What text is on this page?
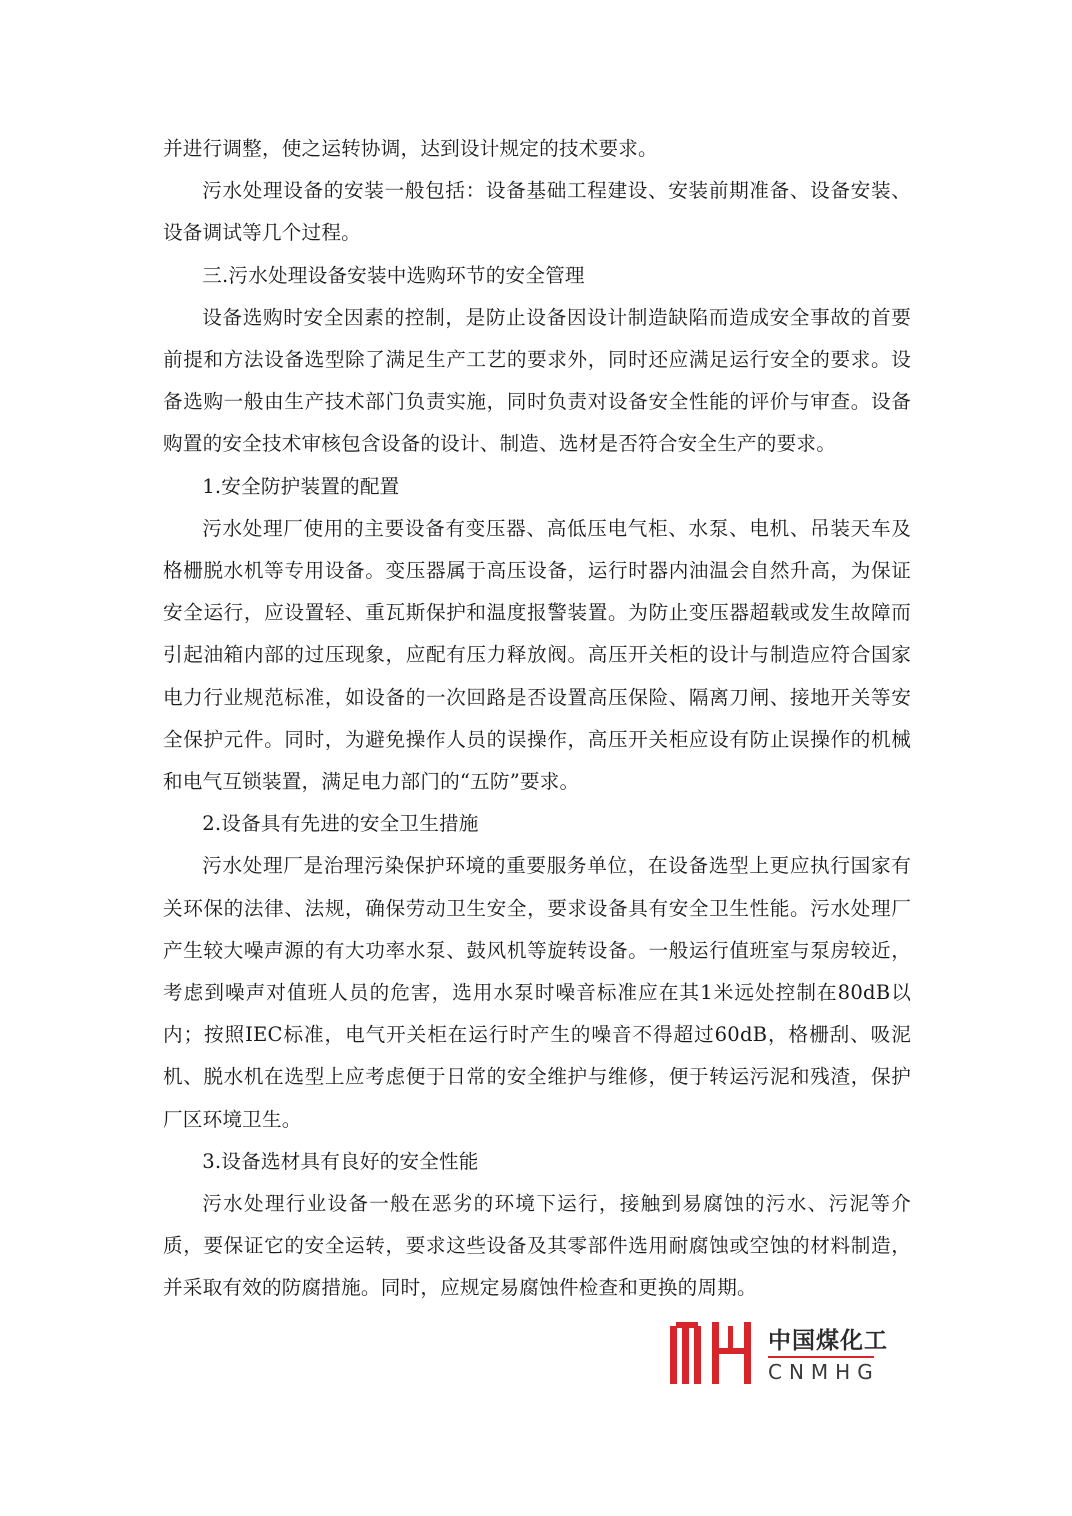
并进行调整，使之运转协调，达到设计规定的技术要求。

污水处理设备的安装一般包括：设备基础工程建设、安装前期准备、设备安装、设备调试等几个过程。

三.污水处理设备安装中选购环节的安全管理

设备选购时安全因素的控制，是防止设备因设计制造缺陷而造成安全事故的首要前提和方法设备选型除了满足生产工艺的要求外，同时还应满足运行安全的要求。设备选购一般由生产技术部门负责实施，同时负责对设备安全性能的评价与审查。设备购置的安全技术审核包含设备的设计、制造、选材是否符合安全生产的要求。

1.安全防护装置的配置

污水处理厂使用的主要设备有变压器、高低压电气柜、水泵、电机、吊装天车及格栅脱水机等专用设备。变压器属于高压设备，运行时器内油温会自然升高，为保证安全运行，应设置轻、重瓦斯保护和温度报警装置。为防止变压器超载或发生故障而引起油箱内部的过压现象，应配有压力释放阀。高压开关柜的设计与制造应符合国家电力行业规范标准，如设备的一次回路是否设置高压保险、隔离刀闸、接地开关等安全保护元件。同时，为避免操作人员的误操作，高压开关柜应设有防止误操作的机械和电气互锁装置，满足电力部门的“五防”要求。

2.设备具有先进的安全卫生措施

污水处理厂是治理污染保护环境的重要服务单位，在设备选型上更应执行国家有关环保的法律、法规，确保劳动卫生安全，要求设备具有安全卫生性能。污水处理厂产生较大噪声源的有大功率水泵、鼓风机等旋转设备。一般运行值班室与泵房较近，考虑到噪声对值班人员的危害，选用水泵时噪音标准应在其1米远处控制在80dB以内；按照IEC标准，电气开关柜在运行时产生的噪音不得超过60dB，格栅刮、吸泥机、脱水机在选型上应考虑便于日常的安全维护与维修，便于转运污泥和残渣，保护厂区环境卫生。

3.设备选材具有良好的安全性能

污水处理行业设备一般在恶劣的环境下运行，接触到易腐蚀的污水、污泥等介质，要保证它的安全运转，要求这些设备及其零部件选用耐腐蚀或空蚀的材料制造，并采取有效的防腐措施。同时，应规定易腐蚀件检查和更换的周期。

中国煤化工
CNMHG
